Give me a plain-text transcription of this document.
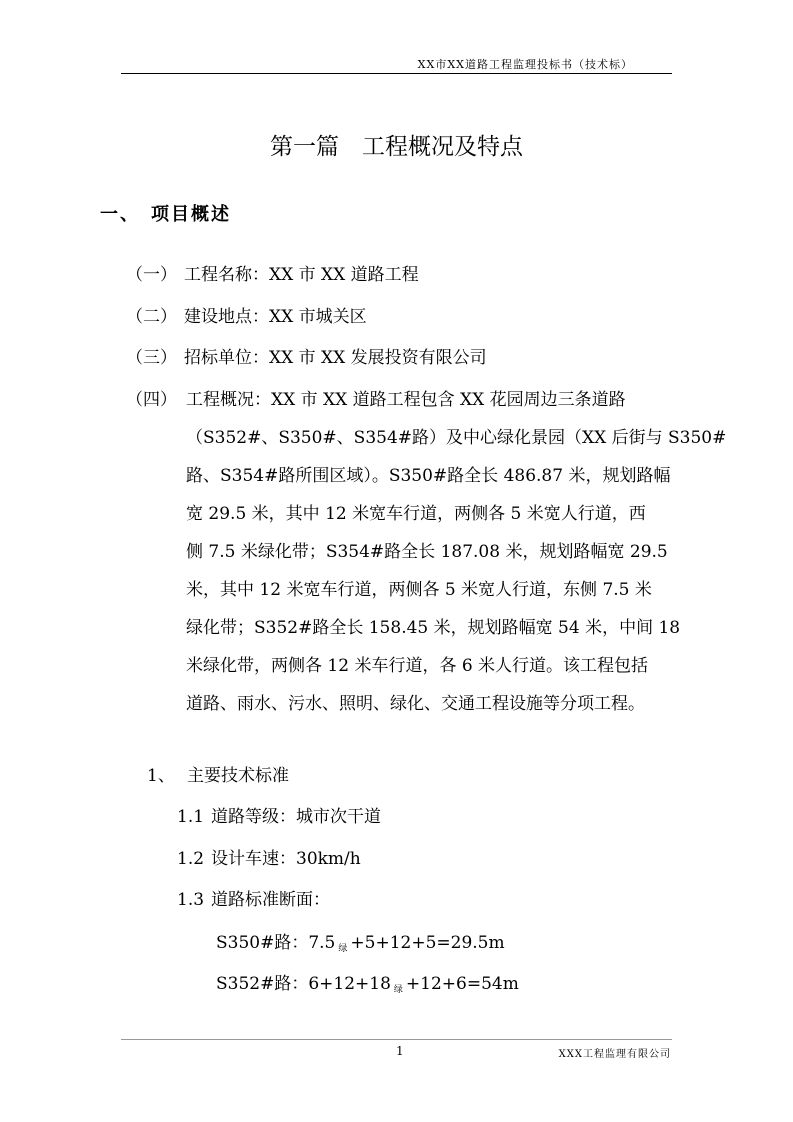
XX市XX道路工程监理投标书（技术标）
第一篇　工程概况及特点
一、　项目概述
（一） 工程名称：XX 市 XX 道路工程
（二） 建设地点：XX 市城关区
（三） 招标单位：XX 市 XX 发展投资有限公司
（四） 工程概况：XX 市 XX 道路工程包含 XX 花园周边三条道路
（S352#、S350#、S354#路）及中心绿化景园（XX 后街与 S350#
路、S354#路所围区域）。S350#路全长 486.87 米，规划路幅
宽 29.5 米，其中 12 米宽车行道，两侧各 5 米宽人行道，西
侧 7.5 米绿化带；S354#路全长 187.08 米，规划路幅宽 29.5
米，其中 12 米宽车行道，两侧各 5 米宽人行道，东侧 7.5 米
绿化带；S352#路全长 158.45 米，规划路幅宽 54 米，中间 18
米绿化带，两侧各 12 米车行道，各 6 米人行道。该工程包括
道路、雨水、污水、照明、绿化、交通工程设施等分项工程。
1、 主要技术标准
1.1 道路等级：城市次干道
1.2 设计车速：30km/h
1.3 道路标准断面：
S350#路：7.5 $_绿$ +5+12+5=29.5m
S352#路：6+12+18 $_绿$ +12+6=54m
1	XXX工程监理有限公司
